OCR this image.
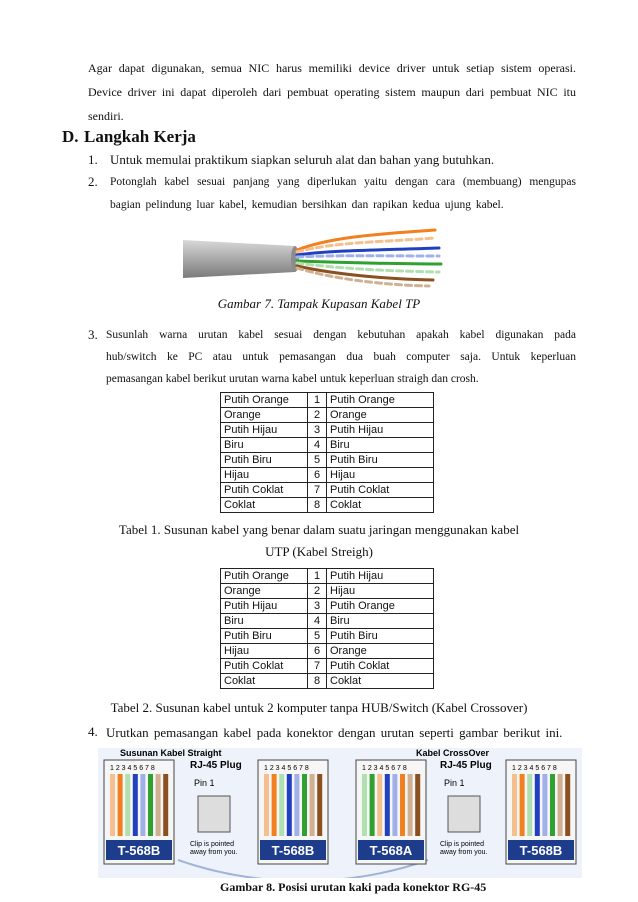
Agar dapat digunakan, semua NIC harus memiliki device driver untuk setiap sistem operasi.
Device driver ini dapat diperoleh dari pembuat operating sistem maupun dari pembuat NIC itu
sendiri.
D. Langkah Kerja
1. Untuk memulai praktikum siapkan seluruh alat dan bahan yang butuhkan.
2. Potonglah kabel sesuai panjang yang diperlukan yaitu dengan cara (membuang) mengupas
bagian pelindung luar kabel, kemudian bersihkan dan rapikan kedua ujung kabel.
Gambar 7. Tampak Kupasan Kabel TP
3. Susunlah warna urutan kabel sesuai dengan kebutuhan apakah kabel digunakan pada
hub/switch ke PC atau untuk pemasangan dua buah computer saja. Untuk keperluan
pemasangan kabel berikut urutan warna kabel untuk keperluan straigh dan crosh.
Putih Orange	1	Putih Orange
Orange	2	Orange
Putih Hijau	3	Putih Hijau
Biru	4	Biru
Putih Biru	5	Putih Biru
Hijau	6	Hijau
Putih Coklat	7	Putih Coklat
Coklat	8	Coklat
Tabel 1. Susunan kabel yang benar dalam suatu jaringan menggunakan kabel
UTP (Kabel Streigh)
Putih Orange	1	Putih Hijau
Orange	2	Hijau
Putih Hijau	3	Putih Orange
Biru	4	Biru
Putih Biru	5	Putih Biru
Hijau	6	Orange
Putih Coklat	7	Putih Coklat
Coklat	8	Coklat
Tabel 2. Susunan kabel untuk 2 komputer tanpa HUB/Switch (Kabel Crossover)
4. Urutkan pemasangan kabel pada konektor dengan urutan seperti gambar berikut ini.
Susunan Kabel Straight	Kabel CrossOver
1 2 3 4 5 6 7 8
T-568B
1 2 3 4 5 6 7 8
T-568B
1 2 3 4 5 6 7 8
T-568A
1 2 3 4 5 6 7 8
T-568B
RJ-45 Plug
Pin 1
Clip is pointed
away from you.
RJ-45 Plug
Pin 1
Clip is pointed
away from you.
Gambar 8. Posisi urutan kaki pada konektor RG-45
